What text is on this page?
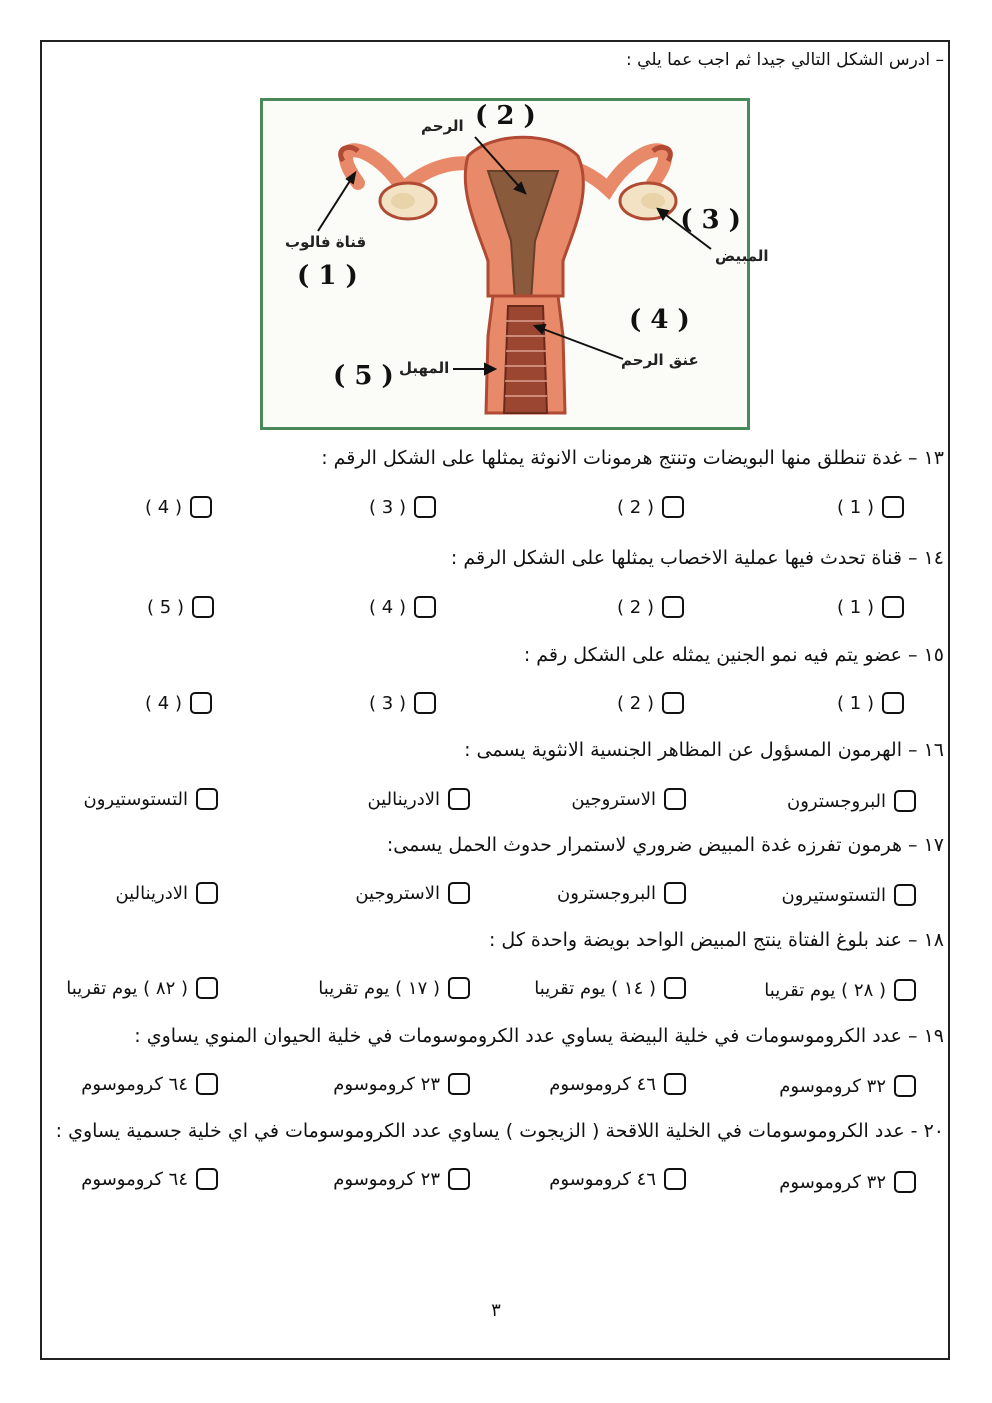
– ادرس الشكل التالي جيدا ثم اجب عما يلي :
( 2 )
الرحم
قناة فالوب
( 1 )
( 3 )
المبيض
( 4 )
عنق الرحم
المهبل
( 5 )
١٣ – غدة تنطلق منها البويضات وتنتج هرمونات الانوثة يمثلها على الشكل الرقم :
( 1 )
( 2 )
( 3 )
( 4 )
١٤ – قناة تحدث فيها عملية الاخصاب يمثلها على الشكل الرقم :
( 1 )
( 2 )
( 4 )
( 5 )
١٥ – عضو يتم فيه نمو الجنين يمثله على الشكل رقم :
( 1 )
( 2 )
( 3 )
( 4 )
١٦ – الهرمون المسؤول عن المظاهر الجنسية الانثوية يسمى :
البروجسترون
الاستروجين
الادرينالين
التستوستيرون
١٧ – هرمون تفرزه غدة المبيض ضروري لاستمرار حدوث الحمل يسمى:
التستوستيرون
البروجسترون
الاستروجين
الادرينالين
١٨ – عند بلوغ الفتاة ينتج المبيض الواحد بويضة واحدة كل :
( ٢٨ ) يوم تقريبا
( ١٤ ) يوم تقريبا
( ١٧ ) يوم تقريبا
( ٨٢ ) يوم تقريبا
١٩ – عدد الكروموسومات في خلية البيضة يساوي عدد الكروموسومات في خلية الحيوان المنوي يساوي :
٣٢ كروموسوم
٤٦ كروموسوم
٢٣ كروموسوم
٦٤ كروموسوم
٢٠ - عدد الكروموسومات في الخلية اللاقحة ( الزيجوت ) يساوي عدد الكروموسومات في اي خلية جسمية يساوي :
٣٢ كروموسوم
٤٦ كروموسوم
٢٣ كروموسوم
٦٤ كروموسوم
٣
